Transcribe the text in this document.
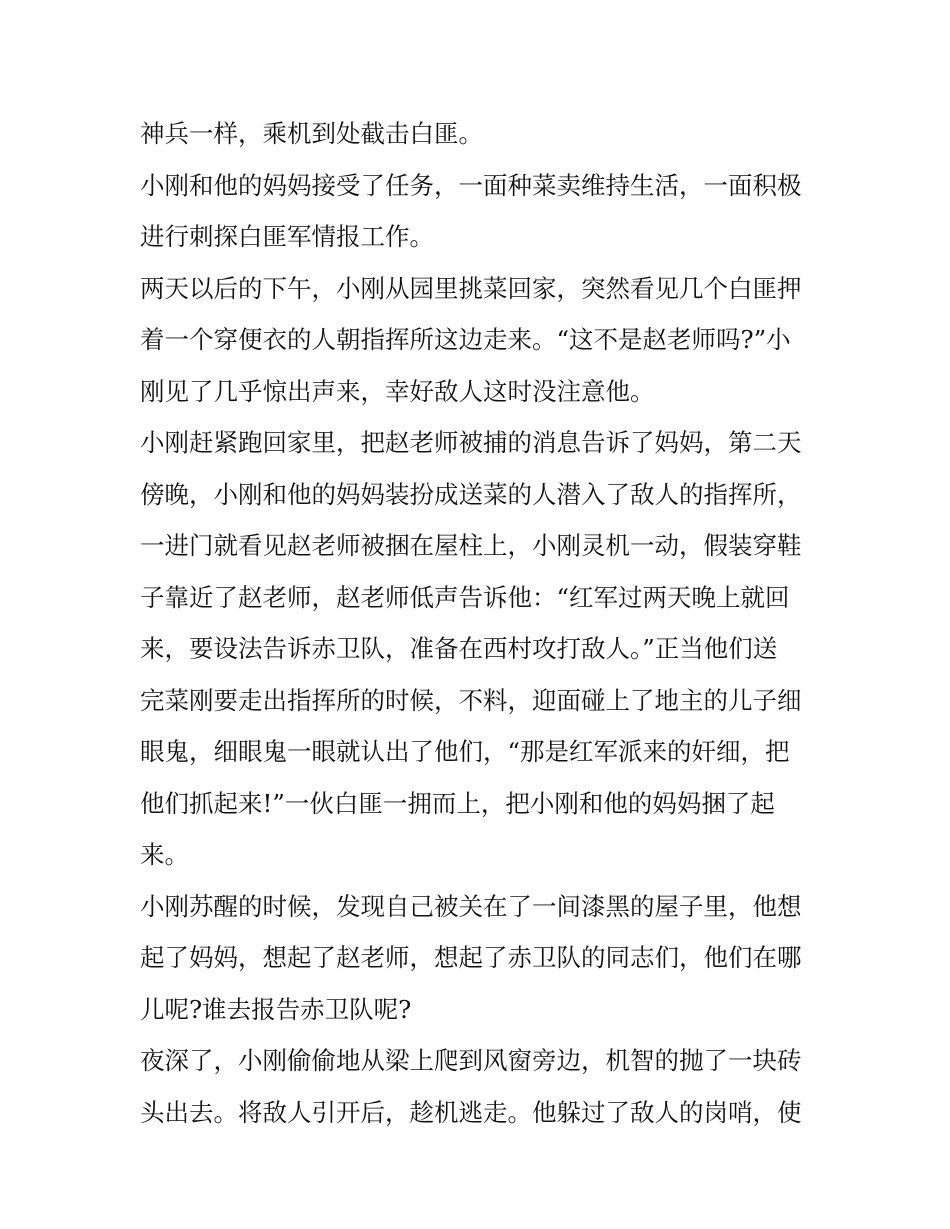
神兵一样，乘机到处截击白匪。
小刚和他的妈妈接受了任务，一面种菜卖维持生活，一面积极
进行刺探白匪军情报工作。
两天以后的下午，小刚从园里挑菜回家，突然看见几个白匪押
着一个穿便衣的人朝指挥所这边走来。“这不是赵老师吗?”小
刚见了几乎惊出声来，幸好敌人这时没注意他。
小刚赶紧跑回家里，把赵老师被捕的消息告诉了妈妈，第二天
傍晚，小刚和他的妈妈装扮成送菜的人潜入了敌人的指挥所，
一进门就看见赵老师被捆在屋柱上，小刚灵机一动，假装穿鞋
子靠近了赵老师，赵老师低声告诉他：“红军过两天晚上就回
来，要设法告诉赤卫队，准备在西村攻打敌人。”正当他们送
完菜刚要走出指挥所的时候，不料，迎面碰上了地主的儿子细
眼鬼，细眼鬼一眼就认出了他们，“那是红军派来的奸细，把
他们抓起来!”一伙白匪一拥而上，把小刚和他的妈妈捆了起
来。
小刚苏醒的时候，发现自己被关在了一间漆黑的屋子里，他想
起了妈妈，想起了赵老师，想起了赤卫队的同志们，他们在哪
儿呢?谁去报告赤卫队呢?
夜深了，小刚偷偷地从梁上爬到风窗旁边，机智的抛了一块砖
头出去。将敌人引开后，趁机逃走。他躲过了敌人的岗哨，使
